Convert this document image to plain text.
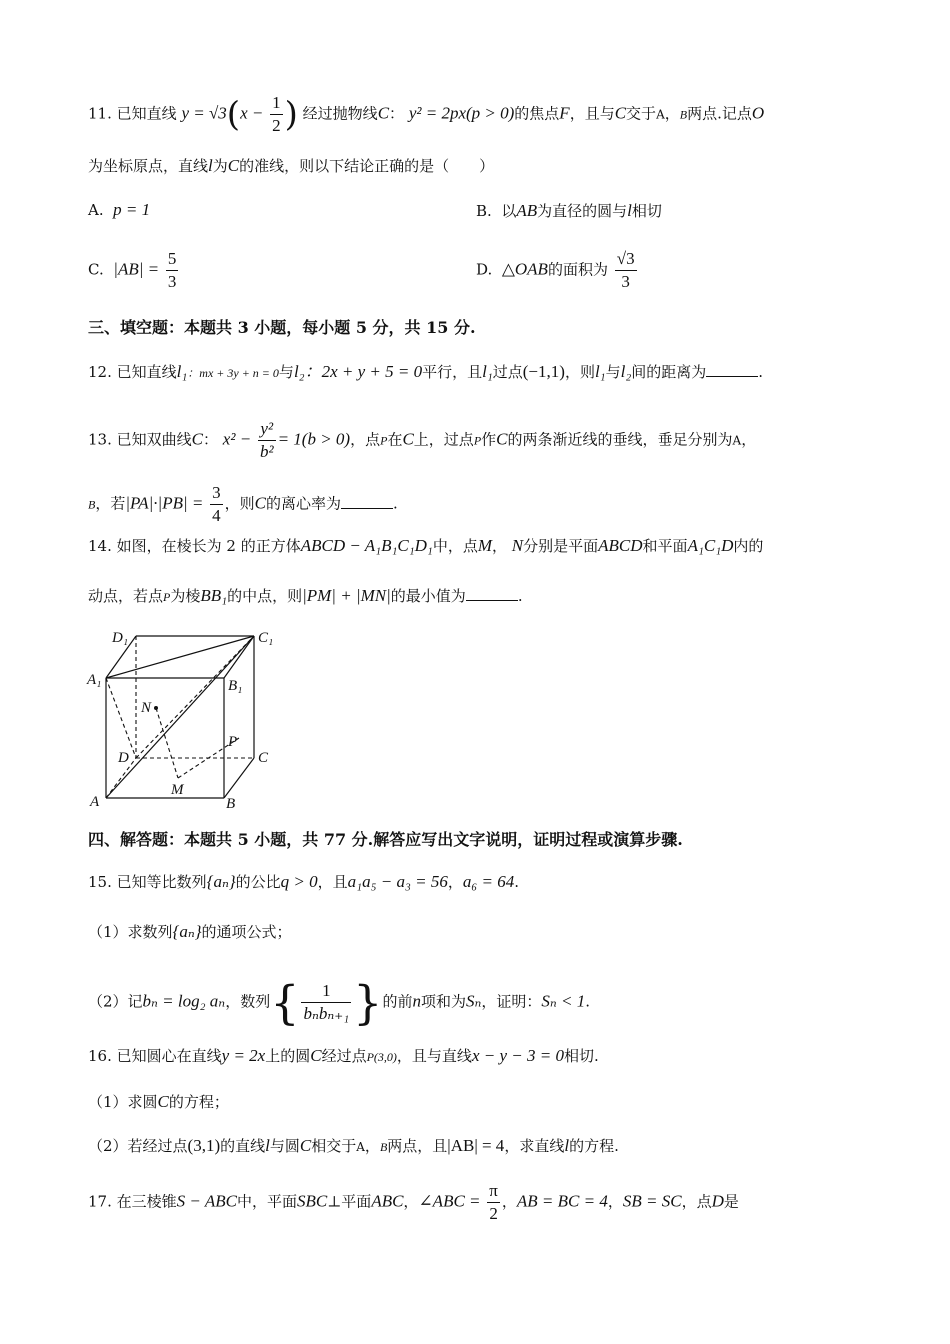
11. 已知直线 $y = √3(x - \frac{1}{2}$ ) 经过抛物线C： y² = 2px(p > 0)的焦点F，且与C交于A，B两点.记点O
为坐标原点，直线l为C的准线，则以下结论正确的是（　　）
A. p = 1	B. 以AB为直径的圆与l相切
C. $|AB| = \frac{5}{3}$	D. △OAB的面积为 $\frac{√3}{3}$
三、填空题：本题共 3 小题，每小题 5 分，共 15 分.
12. 已知直线l₁：mx + 3y + n = 0与l₂：2x + y + 5 = 0平行，且l₁过点(−1,1)，则l₁与l₂间的距离为	.
13. 已知双曲线C： $x^2 - \frac{\text{y²}}{\text{b²}} = 1(b > 0)$，点P在C上，过点P作C的两条渐近线的垂线，垂足分别为A，
B，若$|PA|\cdot|PB| = \frac{3}{4}$ ，则C的离心率为	.
14. 如图，在棱长为 2 的正方体ABCD − A₁B₁C₁D₁中，点M， N分别是平面ABCD和平面A₁C₁D内的
动点，若点P为棱BB₁的中点，则|PM| + |MN|的最小值为	.
D₁	C₁
A₁	B₁
N
P
D	C
M
A	B
四、解答题：本题共 5 小题，共 77 分.解答应写出文字说明，证明过程或演算步骤.
15. 已知等比数列{aₙ}的公比q > 0，且a₁a₅ − a₃ = 56，a₆ = 64.
（1）求数列{aₙ}的通项公式；
（2）记bₙ = log₂ aₙ，数列{ $\frac{1}{\text{bₙbₙ₊₁}}$ }的前n项和为Sₙ，证明：Sₙ < 1.
16. 已知圆心在直线y = 2x上的圆C经过点P(3,0)，且与直线x − y − 3 = 0相切.
（1）求圆C的方程；
（2）若经过点(3,1)的直线l与圆C相交于A，B两点，且|AB| = 4，求直线l的方程.
17. 在三棱锥S − ABC中，平面SBC⊥平面ABC，∠ABC = $\frac{\pi}{2}$ ，AB = BC = 4，SB = SC，点D是
